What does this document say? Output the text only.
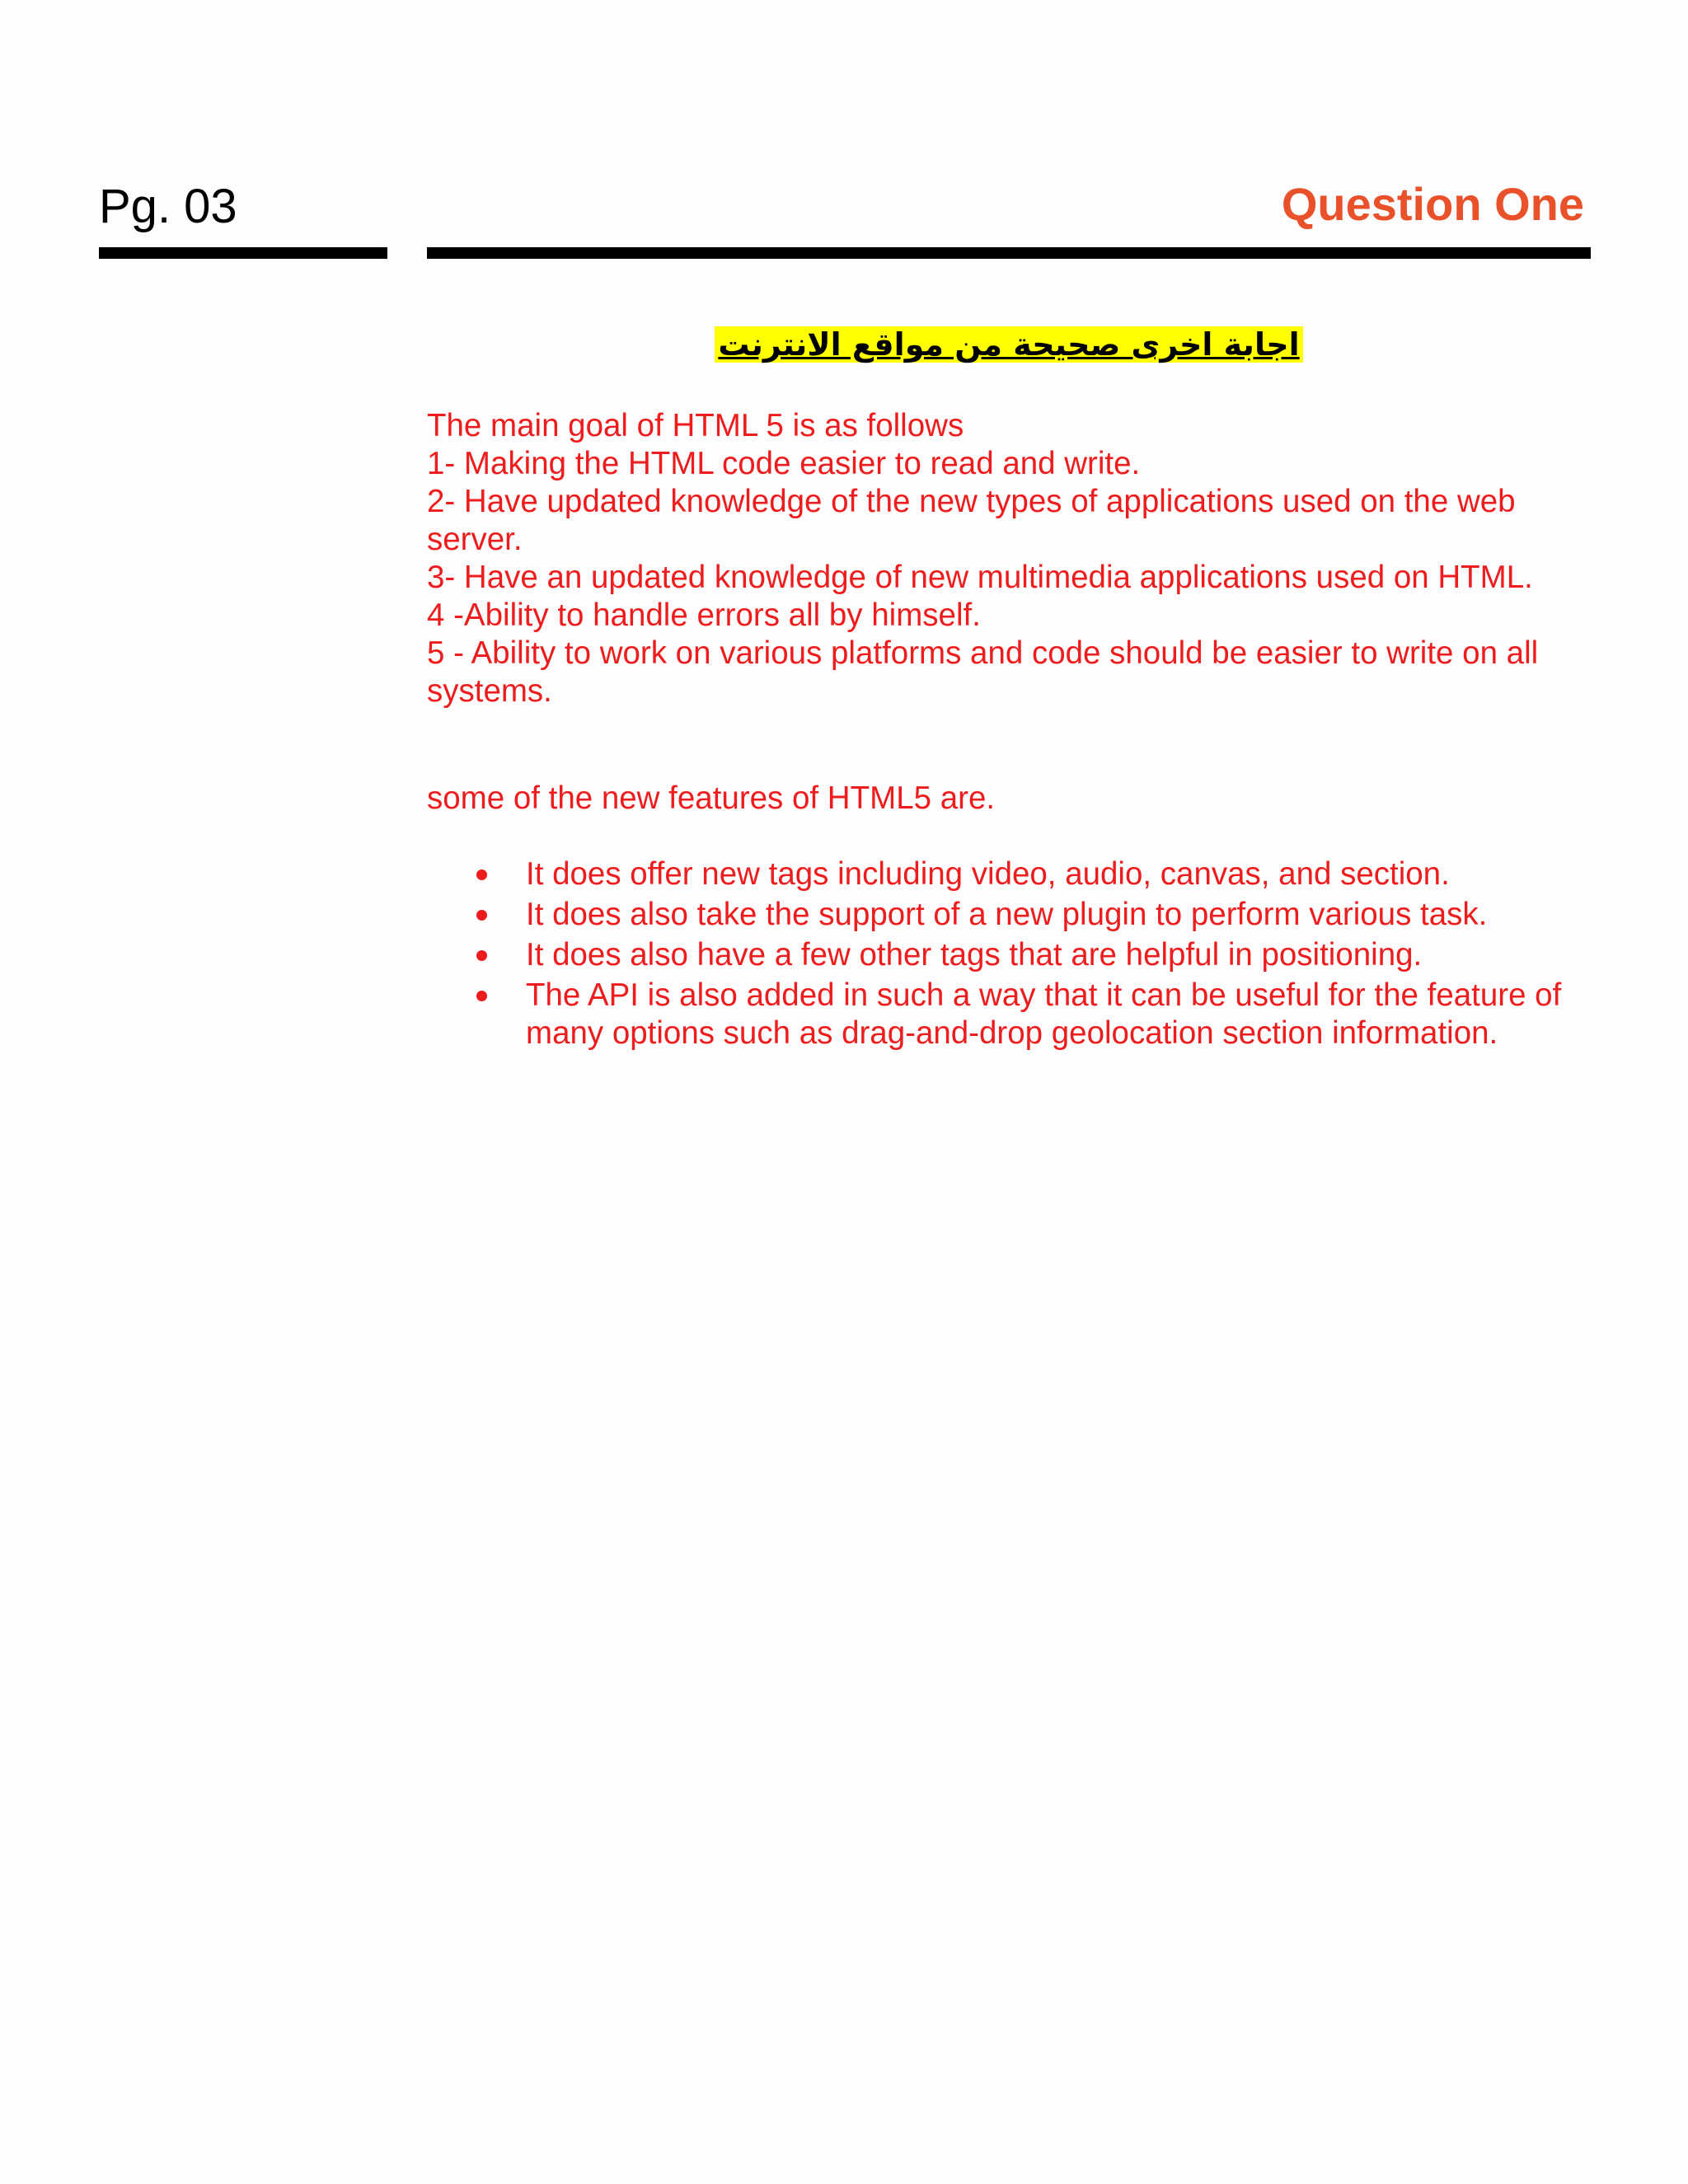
Pg. 03	Question One
اجابة اخرى صحيحة من مواقع الانترنت

The main goal of HTML 5 is as follows

1- Making the HTML code easier to read and write.

2- Have updated knowledge of the new types of applications used on the web server.

3- Have an updated knowledge of new multimedia applications used on HTML.

4 -Ability to handle errors all by himself.

5 - Ability to work on various platforms and code should be easier to write on all systems.

some of the new features of HTML5 are.

It does offer new tags including video, audio, canvas, and section.
It does also take the support of a new plugin to perform various task.
It does also have a few other tags that are helpful in positioning.
The API is also added in such a way that it can be useful for the feature of many options such as drag-and-drop geolocation section information.
